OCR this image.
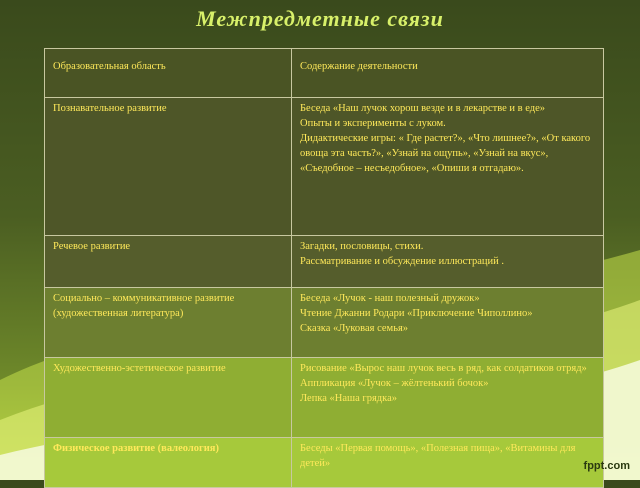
Межпредметные связи
Образовательная область	Содержание деятельности
Познавательное развитие	Беседа «Наш лучок хорош везде и в лекарстве и в еде»
Опыты и эксперименты с луком.
Дидактические игры: « Где растет?», «Что лишнее?», «От какого овоща эта часть?», «Узнай на ощупь», «Узнай на вкус», «Съедобное – несъедобное», «Опиши я отгадаю».

Речевое развитие	Загадки, пословицы, стихи.
Рассматривание и обсуждение иллюстраций .

Социально – коммуникативное развитие (художественная литература)	Беседа «Лучок - наш полезный дружок»
Чтение Джанни Родари «Приключение Чиполлино»
Сказка «Луковая семья»

Художественно-эстетическое развитие	Рисование «Вырос наш лучок весь в ряд, как солдатиков отряд»
Аппликация «Лучок – жёлтенький бочок»
Лепка «Наша грядка»

Физическое развитие (валеология)	Беседы «Первая помощь», «Полезная пища», «Витамины для детей»	fppt.com
